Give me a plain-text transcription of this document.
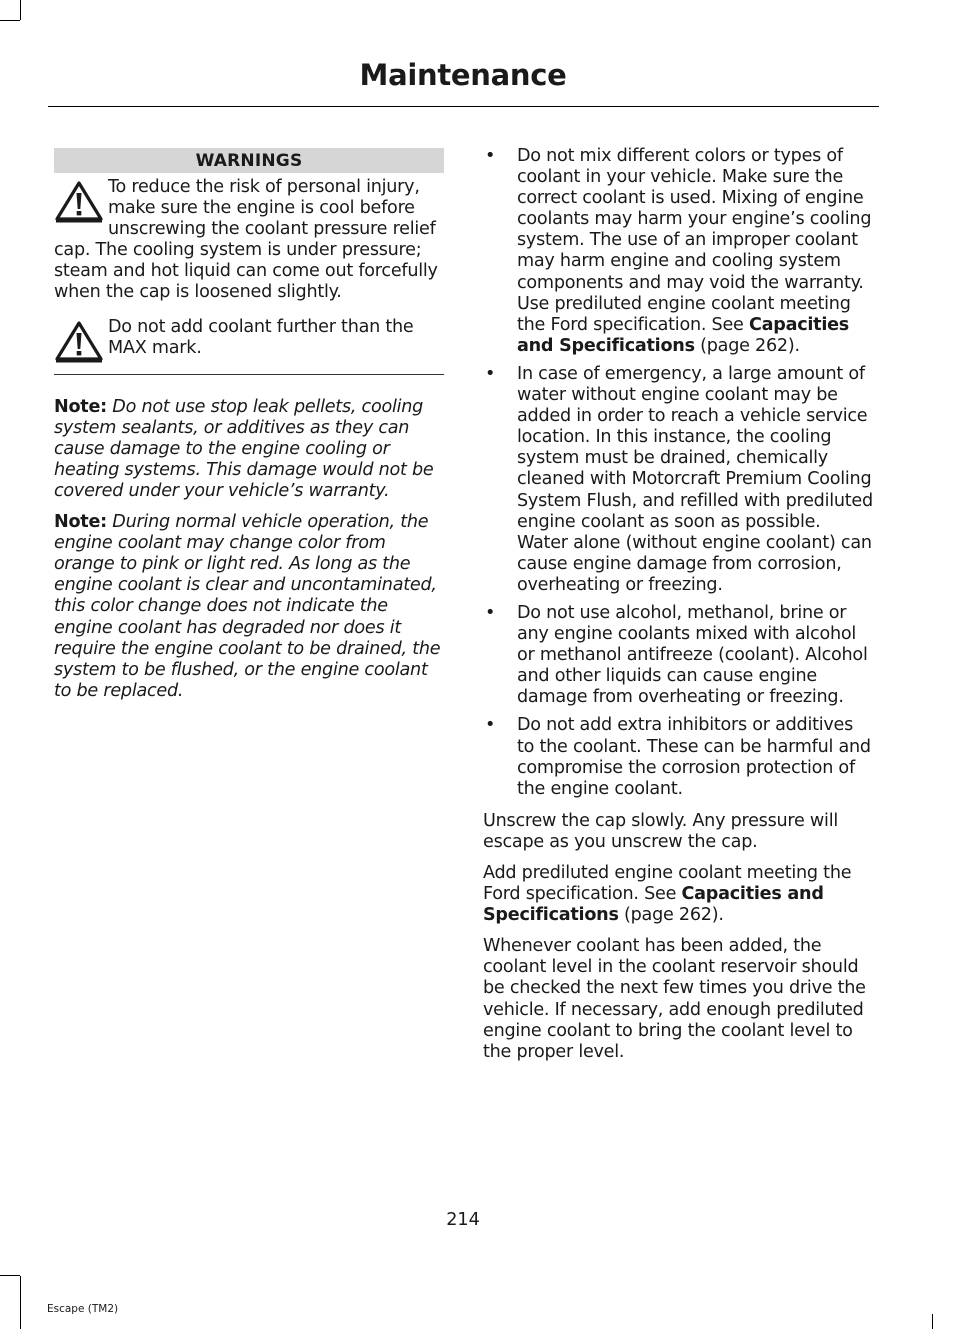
Maintenance
WARNINGS
To reduce the risk of personal injury, make sure the engine is cool before unscrewing the coolant pressure relief cap. The cooling system is under pressure; steam and hot liquid can come out forcefully when the cap is loosened slightly.
Do not add coolant further than the MAX mark.
Note: Do not use stop leak pellets, cooling system sealants, or additives as they can cause damage to the engine cooling or heating systems. This damage would not be covered under your vehicle’s warranty.
Note: During normal vehicle operation, the engine coolant may change color from orange to pink or light red. As long as the engine coolant is clear and uncontaminated, this color change does not indicate the engine coolant has degraded nor does it require the engine coolant to be drained, the system to be flushed, or the engine coolant to be replaced.
• Do not mix different colors or types of coolant in your vehicle. Make sure the correct coolant is used. Mixing of engine coolants may harm your engine’s cooling system. The use of an improper coolant may harm engine and cooling system components and may void the warranty. Use prediluted engine coolant meeting the Ford specification. See Capacities and Specifications (page 262).
• In case of emergency, a large amount of water without engine coolant may be added in order to reach a vehicle service location. In this instance, the cooling system must be drained, chemically cleaned with Motorcraft Premium Cooling System Flush, and refilled with prediluted engine coolant as soon as possible. Water alone (without engine coolant) can cause engine damage from corrosion, overheating or freezing.
• Do not use alcohol, methanol, brine or any engine coolants mixed with alcohol or methanol antifreeze (coolant). Alcohol and other liquids can cause engine damage from overheating or freezing.
• Do not add extra inhibitors or additives to the coolant. These can be harmful and compromise the corrosion protection of the engine coolant.
Unscrew the cap slowly. Any pressure will escape as you unscrew the cap.
Add prediluted engine coolant meeting the Ford specification. See Capacities and Specifications (page 262).
Whenever coolant has been added, the coolant level in the coolant reservoir should be checked the next few times you drive the vehicle. If necessary, add enough prediluted engine coolant to bring the coolant level to the proper level.
214
Escape (TM2)
